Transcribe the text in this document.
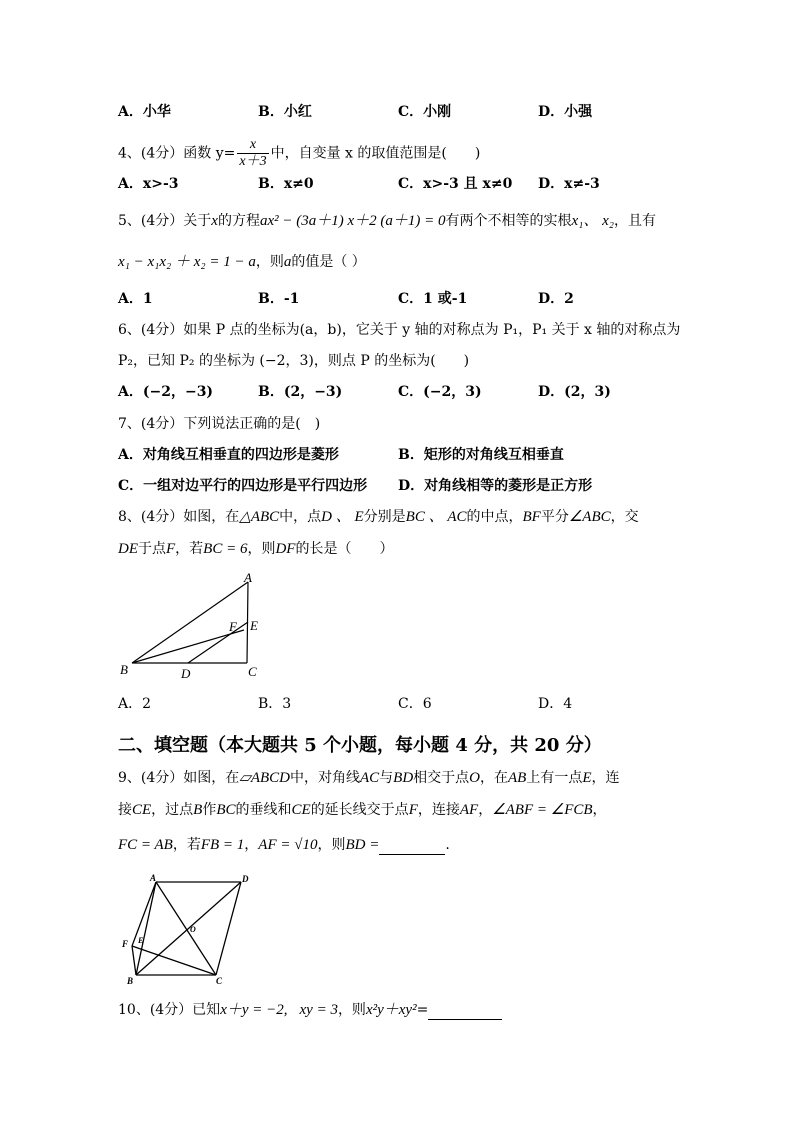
A．小华	B．小红	C．小刚	D．小强
4、(4分）函数 $y= \frac{x}{x+3}$ 中，自变量 x 的取值范围是(　　)
A．x>-3	B．x≠0	C．x>-3 且 x≠0 D．x≠-3
5、(4分）关于x的方程ax² − (3a＋1) x＋2 (a＋1) = 0有两个不相等的实根x₁、 x₂，且有
x₁ − x₁x₂ ＋ x₂ = 1 − a，则a的值是（ ）
A．1	B．-1	C．1 或-1	D．2
6、(4分）如果 P 点的坐标为(a，b)，它关于 y 轴的对称点为 P₁，P₁ 关于 x 轴的对称点为
P₂，已知 P₂ 的坐标为 (−2，3)，则点 P 的坐标为(　　)
A．(−2，−3)	B．(2，−3)	C．(−2，3)	D．(2，3)
7、(4分）下列说法正确的是(　)
A．对角线互相垂直的四边形是菱形	B．矩形的对角线互相垂直
C．一组对边平行的四边形是平行四边形 D．对角线相等的菱形是正方形
8、(4分）如图，在△ABC中，点D 、 E分别是BC 、 AC的中点，BF平分∠ABC，交
DE于点F，若BC = 6，则DF的长是（　　）
A
E
F
B	D	C
A．2	B．3	C．6	D．4
二、填空题（本大题共 5 个小题，每小题 4 分，共 20 分）
9、(4分）如图，在▱ABCD中，对角线AC与BD相交于点O，在AB上有一点E，连
接CE，过点B作BC的垂线和CE的延长线交于点F，连接AF，∠ABF = ∠FCB，
FC = AB，若FB = 1，AF = √10，则BD =	.
A	D
O
F E
B	C
10、(4分）已知x＋y = −2, xy = 3，则x²y＋xy²=
